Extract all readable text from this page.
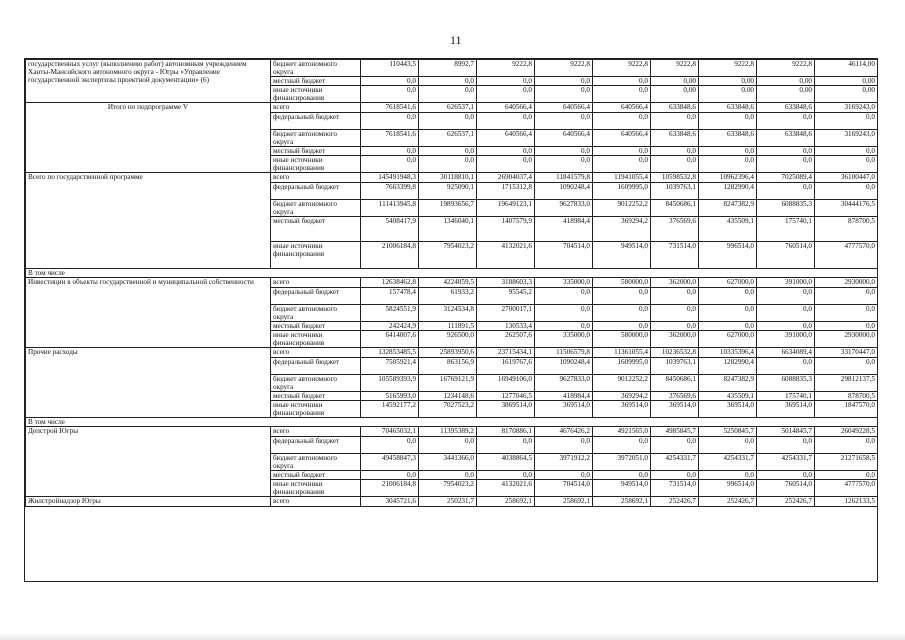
11
государственных услуг (выполнению работ) автономным учреждением Ханты-Мансийского автономного округа - Югры «Управление государственной экспертизы проектной документации» (6)	бюджет автономного округа	110443,5	8992,7	9222,8	9222,8	9222,8	9222,8	9222,8	9222,8	46114,00
	местный бюджет	0,0	0,0	0,0	0,0	0,0	0,00	0,00	0,00	0,00
	иные источники финансирования	0,0	0,0	0,0	0,0	0,0	0,00	0,00	0,00	0,00
Итого по подпрограмме V	всего	7618541,6	626537,1	640566,4	640566,4	640566,4	633848,6	633848,6	633848,6	3169243,0
	федеральный бюджет	0,0	0,0	0,0	0,0	0,0	0,0	0,0	0,0	0,0
	бюджет автономного округа	7618541,6	626537,1	640566,4	640566,4	640566,4	633848,6	633848,6	633848,6	3169243,0
	местный бюджет	0,0	0,0	0,0	0,0	0,0	0,0	0,0	0,0	0,0
	иные источники финансирования	0,0	0,0	0,0	0,0	0,0	0,0	0,0	0,0	0,0
Всего по государственной программе	всего	145491948,3	30118810,1	26904037,4	11841579,8	11941055,4	10598532,8	10962396,4	7025089,4	36100447,0
	федеральный бюджет	7663399,8	925090,1	1715312,8	1090248,4	1609995,0	1039763,1	1282990,4	0,0	0,0
	бюджет автономного округа	111413945,8	19893656,7	19649123,1	9627833,0	9012252,2	8450686,1	8247382,9	6088835,3	30444176,5
	местный бюджет	5408417,9	1346040,1	1407579,9	418984,4	369294,2	376569,6	435509,1	175740,1	878700,5
	иные источники финансирования	21006184,8	7954023,2	4132021,6	704514,0	949514,0	731514,0	996514,0	760514,0	4777570,0
В том числе										
Инвестиции в объекты государственной и муниципальной собственности	всего	12638462,8	4224859,5	3188603,3	335000,0	580000,0	362000,0	627000,0	391000,0	2930000,0
	федеральный бюджет	157478,4	61933,2	95545,2	0,0	0,0	0,0	0,0	0,0	0,0
	бюджет автономного округа	5824551,9	3124534,8	2700017,1	0,0	0,0	0,0	0,0	0,0	0,0
	местный бюджет	242424,9	111891,5	130533,4	0,0	0,0	0,0	0,0	0,0	0,0
	иные источники финансирования	6414007,6	926500,0	262507,6	335000,0	580000,0	362000,0	627000,0	391000,0	2930000,0
Прочие расходы	всего	132853485,5	25893950,6	23715434,1	11506579,8	11361055,4	10236532,8	10335396,4	6634089,4	33170447,0
	федеральный бюджет	7505921,4	863156,9	1619767,6	1090248,4	1609995,0	1039763,1	1282990,4	0,0	0,0
	бюджет автономного округа	105589393,9	16769121,9	16949106,0	9627833,0	9012252,2	8450686,1	8247382,9	6088835,3	29812137,5
	местный бюджет	5165993,0	1234148,6	1277046,5	418984,4	369294,2	376569,6	435509,1	175740,1	878700,5
	иные источники финансирования	14592177,2	7027523,2	3869514,0	369514,0	369514,0	369514,0	369514,0	369514,0	1847570,0
В том числе										
Депстрой Югры	всего	70465032,1	11395389,2	8170886,1	4676426,2	4921565,0	4985845,7	5250845,7	5014845,7	26049228,5
	федеральный бюджет	0,0	0,0	0,0	0,0	0,0	0,0	0,0	0,0	0,0
	бюджет автономного округа	49458847,3	3441366,0	4038864,5	3971912,2	3972051,0	4254331,7	4254331,7	4254331,7	21271658,5
	местный бюджет	0,0	0,0	0,0	0,0	0,0	0,0	0,0	0,0	0,0
	иные источники финансирования	21006184,8	7954023,2	4132021,6	704514,0	949514,0	731514,0	996514,0	760514,0	4777570,0
Жилстройнадзор Югры	всего	3045721,6	250231,7	258692,1	258692,1	258692,1	252426,7	252426,7	252426,7	1262133,5
